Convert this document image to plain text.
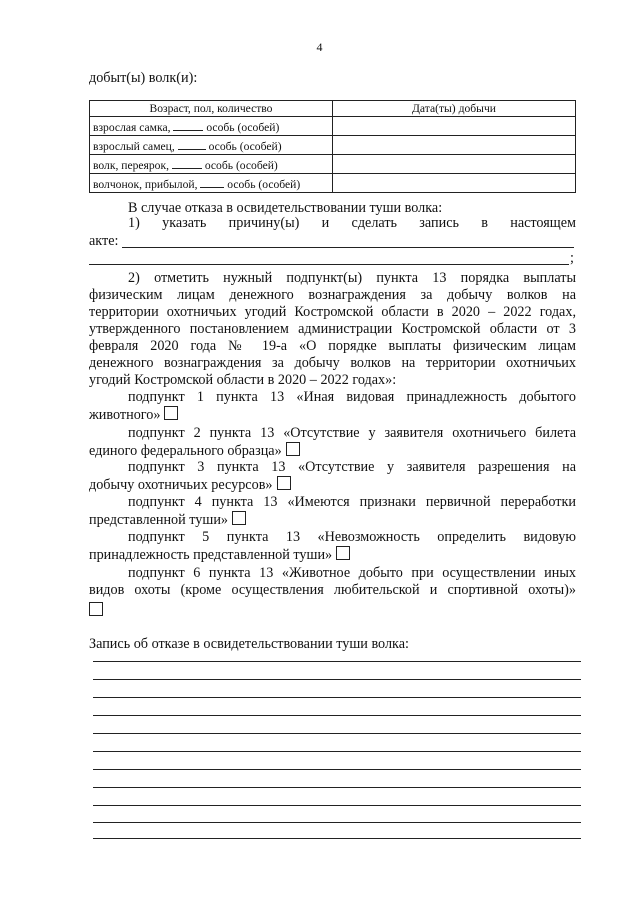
4
добыт(ы) волк(и):
Возраст, пол, количество	Дата(ты) добычи
взрослая самка, особь (особей)	
взрослый самец, особь (особей)	
волк, переярок, особь (особей)	
волчонок, прибылой, особь (особей)	
В случае отказа в освидетельствовании туши волка:
1) указать причину(ы) и сделать запись в настоящем
акте:
;
2) отметить нужный подпункт(ы) пункта 13 порядка выплаты
физическим лицам денежного вознаграждения за добычу волков на
территории охотничьих угодий Костромской области в 2020 – 2022 годах,
утвержденного постановлением администрации Костромской области от 3
февраля 2020 года № 19-а «О порядке выплаты физическим лицам
денежного вознаграждения за добычу волков на территории охотничьих
угодий Костромской области в 2020 – 2022 годах»:
подпункт 1 пункта 13 «Иная видовая принадлежность добытого
животного»
подпункт 2 пункта 13 «Отсутствие у заявителя охотничьего билета
единого федерального образца»
подпункт 3 пункта 13 «Отсутствие у заявителя разрешения на
добычу охотничьих ресурсов»
подпункт 4 пункта 13 «Имеются признаки первичной переработки
представленной туши»
подпункт 5 пункта 13 «Невозможность определить видовую
принадлежность представленной туши»
подпункт 6 пункта 13 «Животное добыто при осуществлении иных
видов охоты (кроме осуществления любительской и спортивной охоты)»
Запись об отказе в освидетельствовании туши волка:
